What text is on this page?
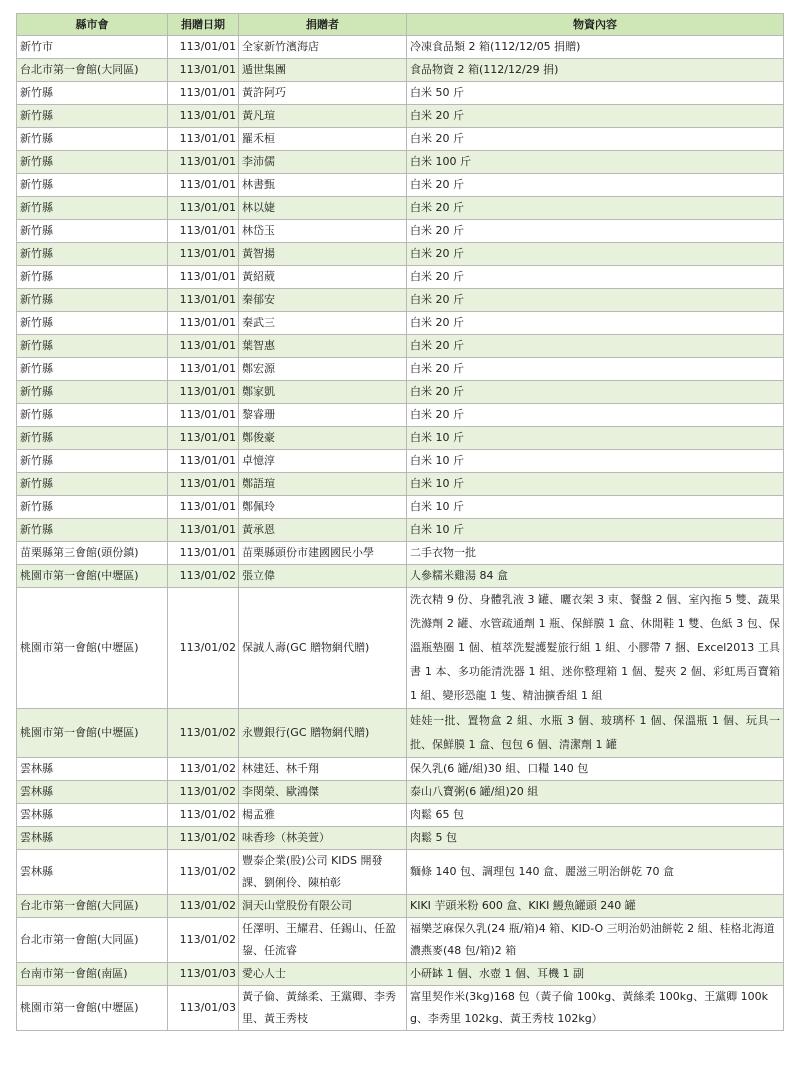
縣市會	捐贈日期	捐贈者	物資內容
新竹市	113/01/01	全家新竹濱海店	冷凍食品類 2 箱(112/12/05 捐贈)
台北市第一會館(大同區)	113/01/01	遁世集團	食品物資 2 箱(112/12/29 捐)
新竹縣	113/01/01	黃許阿巧	白米 50 斤
新竹縣	113/01/01	黃凡瑄	白米 20 斤
新竹縣	113/01/01	羅禾桓	白米 20 斤
新竹縣	113/01/01	李沛儒	白米 100 斤
新竹縣	113/01/01	林書甄	白米 20 斤
新竹縣	113/01/01	林以婕	白米 20 斤
新竹縣	113/01/01	林岱玉	白米 20 斤
新竹縣	113/01/01	黃智揚	白米 20 斤
新竹縣	113/01/01	黃紹葳	白米 20 斤
新竹縣	113/01/01	秦郁安	白米 20 斤
新竹縣	113/01/01	秦武三	白米 20 斤
新竹縣	113/01/01	葉智惠	白米 20 斤
新竹縣	113/01/01	鄭宏源	白米 20 斤
新竹縣	113/01/01	鄭家凱	白米 20 斤
新竹縣	113/01/01	黎睿珊	白米 20 斤
新竹縣	113/01/01	鄭俊豪	白米 10 斤
新竹縣	113/01/01	卓憶淳	白米 10 斤
新竹縣	113/01/01	鄭語瑄	白米 10 斤
新竹縣	113/01/01	鄭佩玲	白米 10 斤
新竹縣	113/01/01	黃承恩	白米 10 斤
苗栗縣第三會館(頭份鎮)	113/01/01	苗栗縣頭份市建國國民小學	二手衣物一批
桃園市第一會館(中壢區)	113/01/02	張立偉	人參糯米雞湯 84 盒
桃園市第一會館(中壢區)	113/01/02	保誠人壽(GC 贈物網代贈)	洗衣精 9 份、身體乳液 3 罐、曬衣架 3 束、餐盤 2 個、室內拖 5 雙、蔬果洗滌劑 2 罐、水管疏通劑 1 瓶、保鮮膜 1 盒、休閒鞋 1 雙、色紙 3 包、保溫瓶墊圈 1 個、植萃洗髮護髮旅行組 1 組、小膠帶 7 捆、Excel2013 工具書 1 本、多功能清洗器 1 組、迷你整理箱 1 個、髮夾 2 個、彩虹馬百寶箱 1 組、變形恐龍 1 隻、精油擴香組 1 組
桃園市第一會館(中壢區)	113/01/02	永豐銀行(GC 贈物網代贈)	娃娃一批、置物盒 2 組、水瓶 3 個、玻璃杯 1 個、保溫瓶 1 個、玩具一批、保鮮膜 1 盒、包包 6 個、清潔劑 1 罐
雲林縣	113/01/02	林建廷、林千翔	保久乳(6 罐/組)30 組、口糧 140 包
雲林縣	113/01/02	李閔榮、歐鴻傑	泰山八寶粥(6 罐/組)20 組
雲林縣	113/01/02	楊孟雅	肉鬆 65 包
雲林縣	113/01/02	味香珍（林美萱）	肉鬆 5 包
雲林縣	113/01/02	豐泰企業(股)公司 KIDS 開發課、劉俐伶、陳柏彰	麵條 140 包、調理包 140 盒、麗滋三明治餅乾 70 盒
台北市第一會館(大同區)	113/01/02	洞天山堂股份有限公司	KIKI 芋頭米粉 600 盒、KIKI 鰻魚罐頭 240 罐
台北市第一會館(大同區)	113/01/02	任澤明、王耀君、任錫山、任盈鋆、任流睿	福樂芝麻保久乳(24 瓶/箱)4 箱、KID-O 三明治奶油餅乾 2 組、桂格北海道濃燕麥(48 包/箱)2 箱
台南市第一會館(南區)	113/01/03	愛心人士	小研缽 1 個、水壺 1 個、耳機 1 副
桃園市第一會館(中壢區)	113/01/03	黃子倫、黃絲柔、王黨卿、李秀里、黃王秀枝	富里契作米(3kg)168 包（黃子倫 100kg、黃絲柔 100kg、王黨卿 100kg、李秀里 102kg、黃王秀枝 102kg）
